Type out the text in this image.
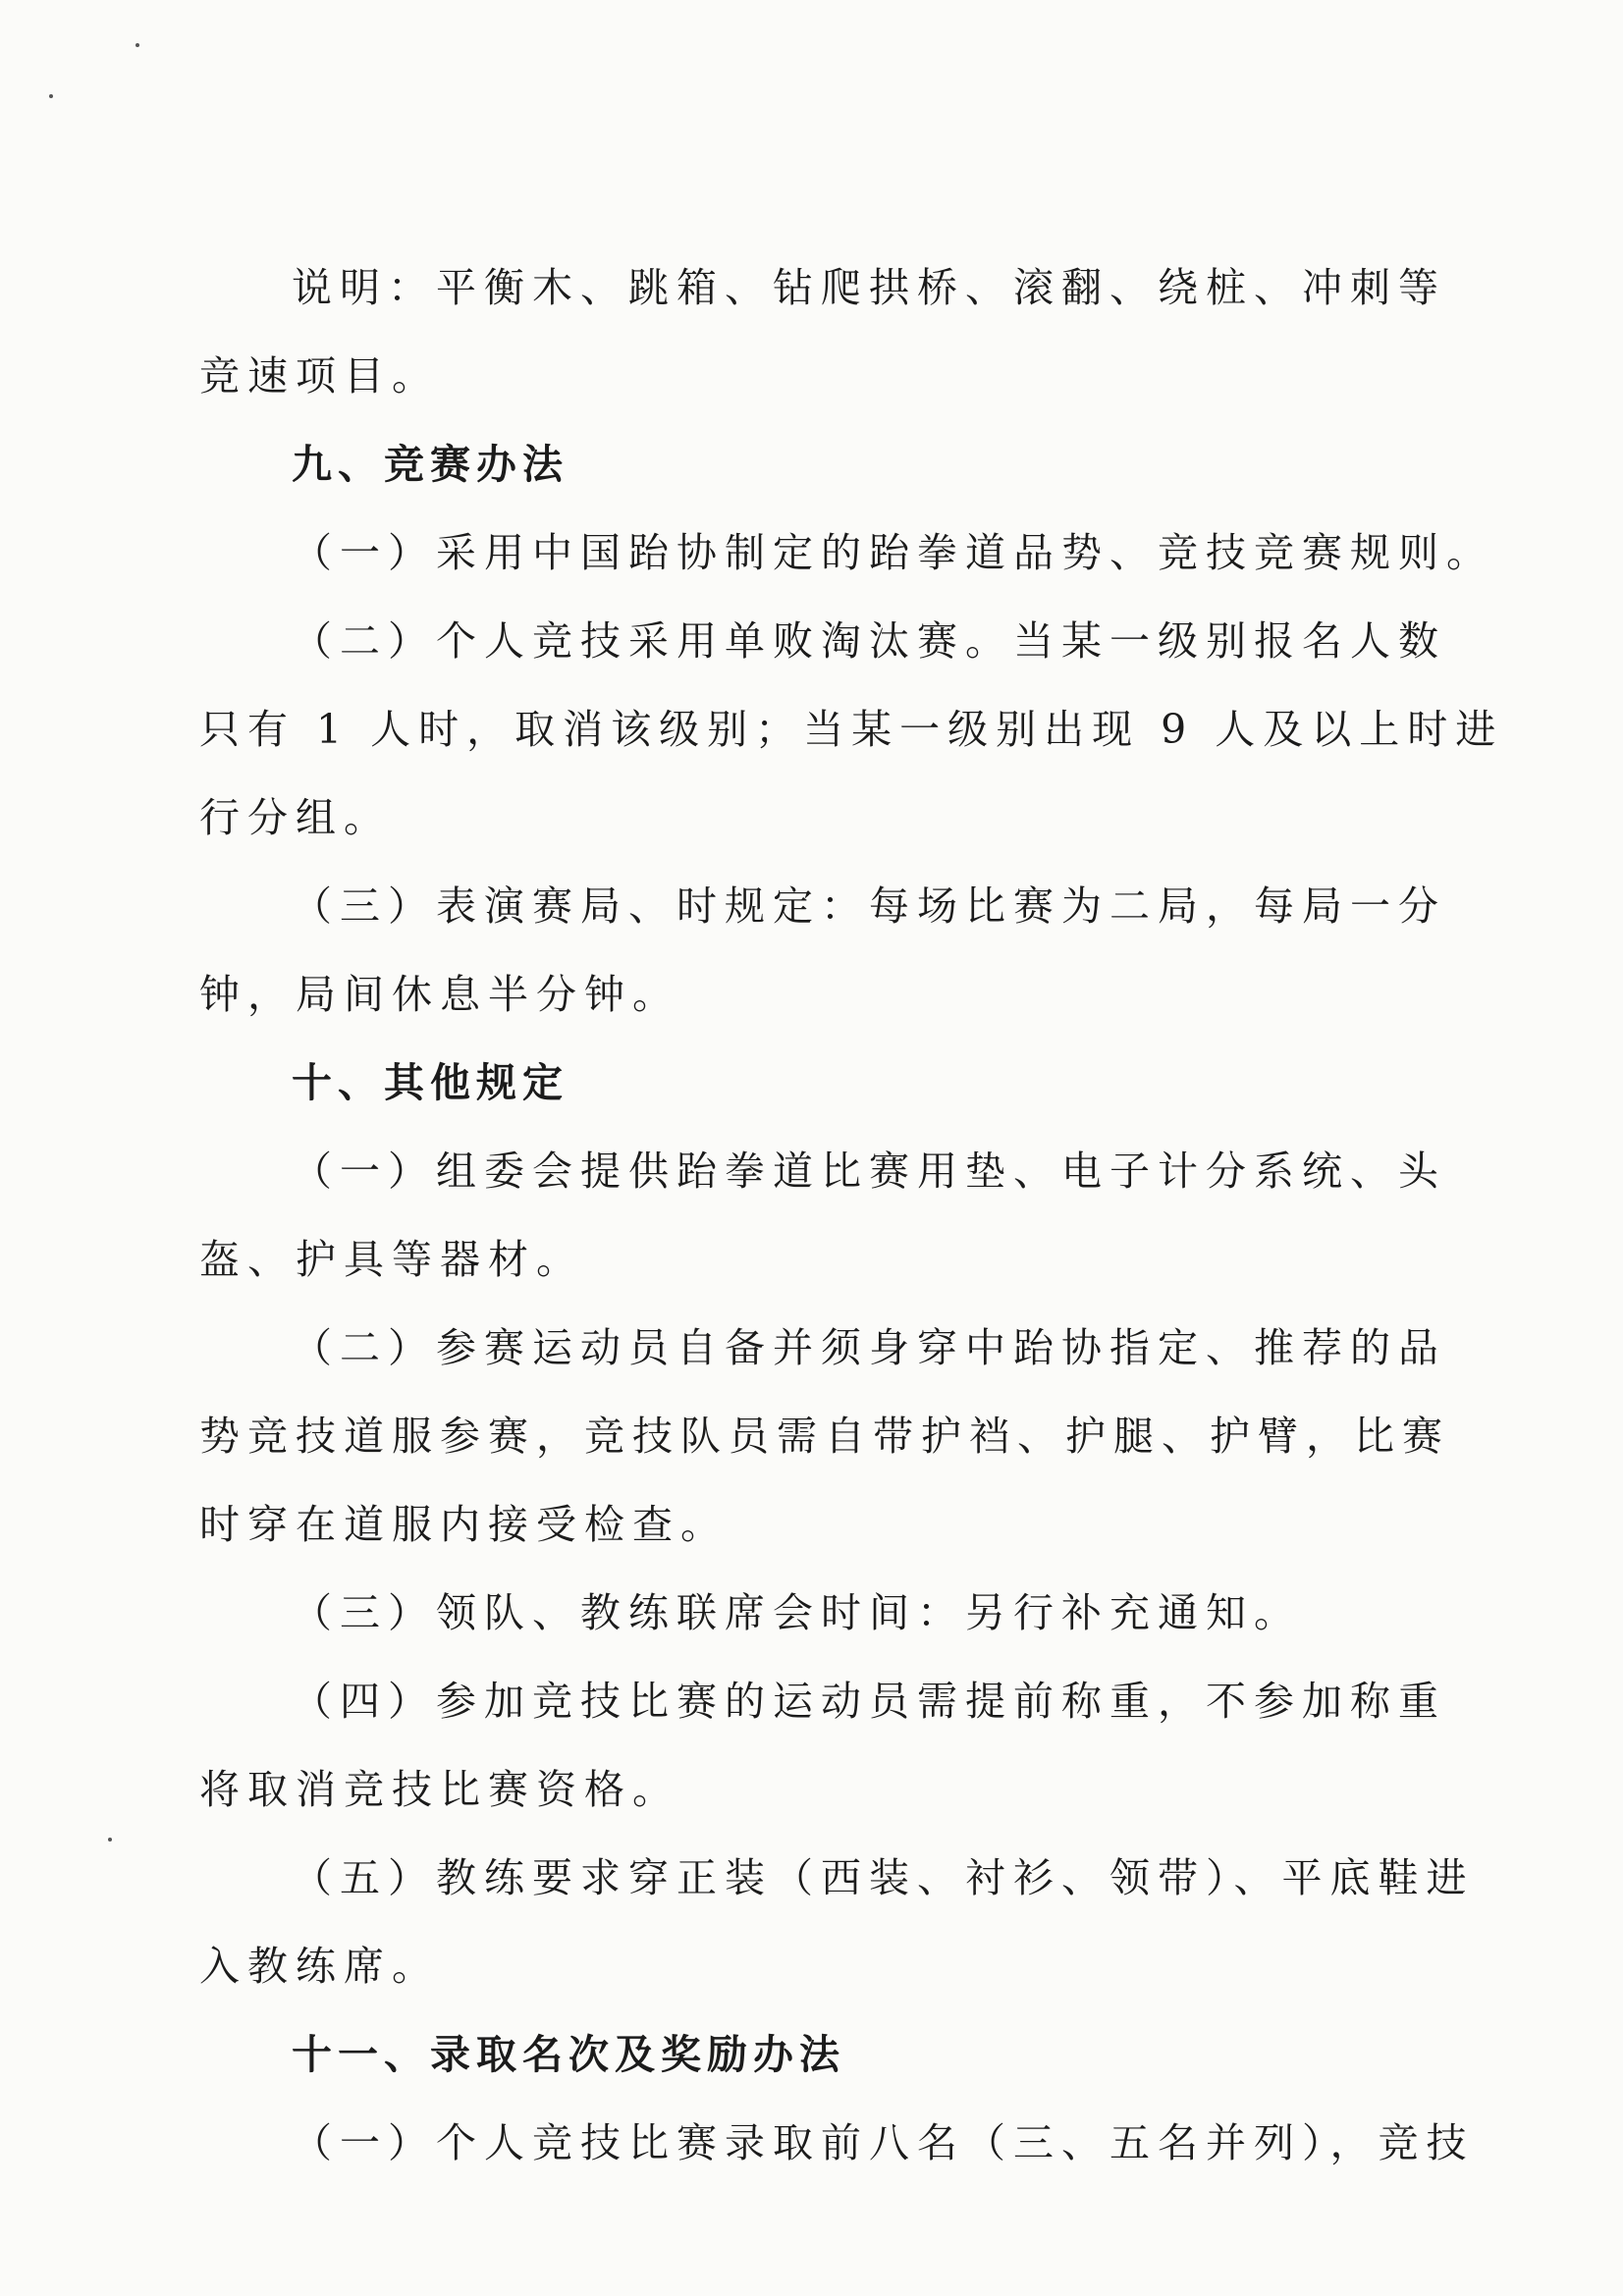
说明：平衡木、跳箱、钻爬拱桥、滚翻、绕桩、冲刺等
竞速项目。
九、竞赛办法
（一）采用中国跆协制定的跆拳道品势、竞技竞赛规则。
（二）个人竞技采用单败淘汰赛。当某一级别报名人数
只有 1 人时，取消该级别；当某一级别出现 9 人及以上时进
行分组。
（三）表演赛局、时规定：每场比赛为二局，每局一分
钟，局间休息半分钟。
十、其他规定
（一）组委会提供跆拳道比赛用垫、电子计分系统、头
盔、护具等器材。
（二）参赛运动员自备并须身穿中跆协指定、推荐的品
势竞技道服参赛，竞技队员需自带护裆、护腿、护臂，比赛
时穿在道服内接受检查。
（三）领队、教练联席会时间：另行补充通知。
（四）参加竞技比赛的运动员需提前称重，不参加称重
将取消竞技比赛资格。
（五）教练要求穿正装（西装、衬衫、领带）、平底鞋进
入教练席。
十一、录取名次及奖励办法
（一）个人竞技比赛录取前八名（三、五名并列），竞技
